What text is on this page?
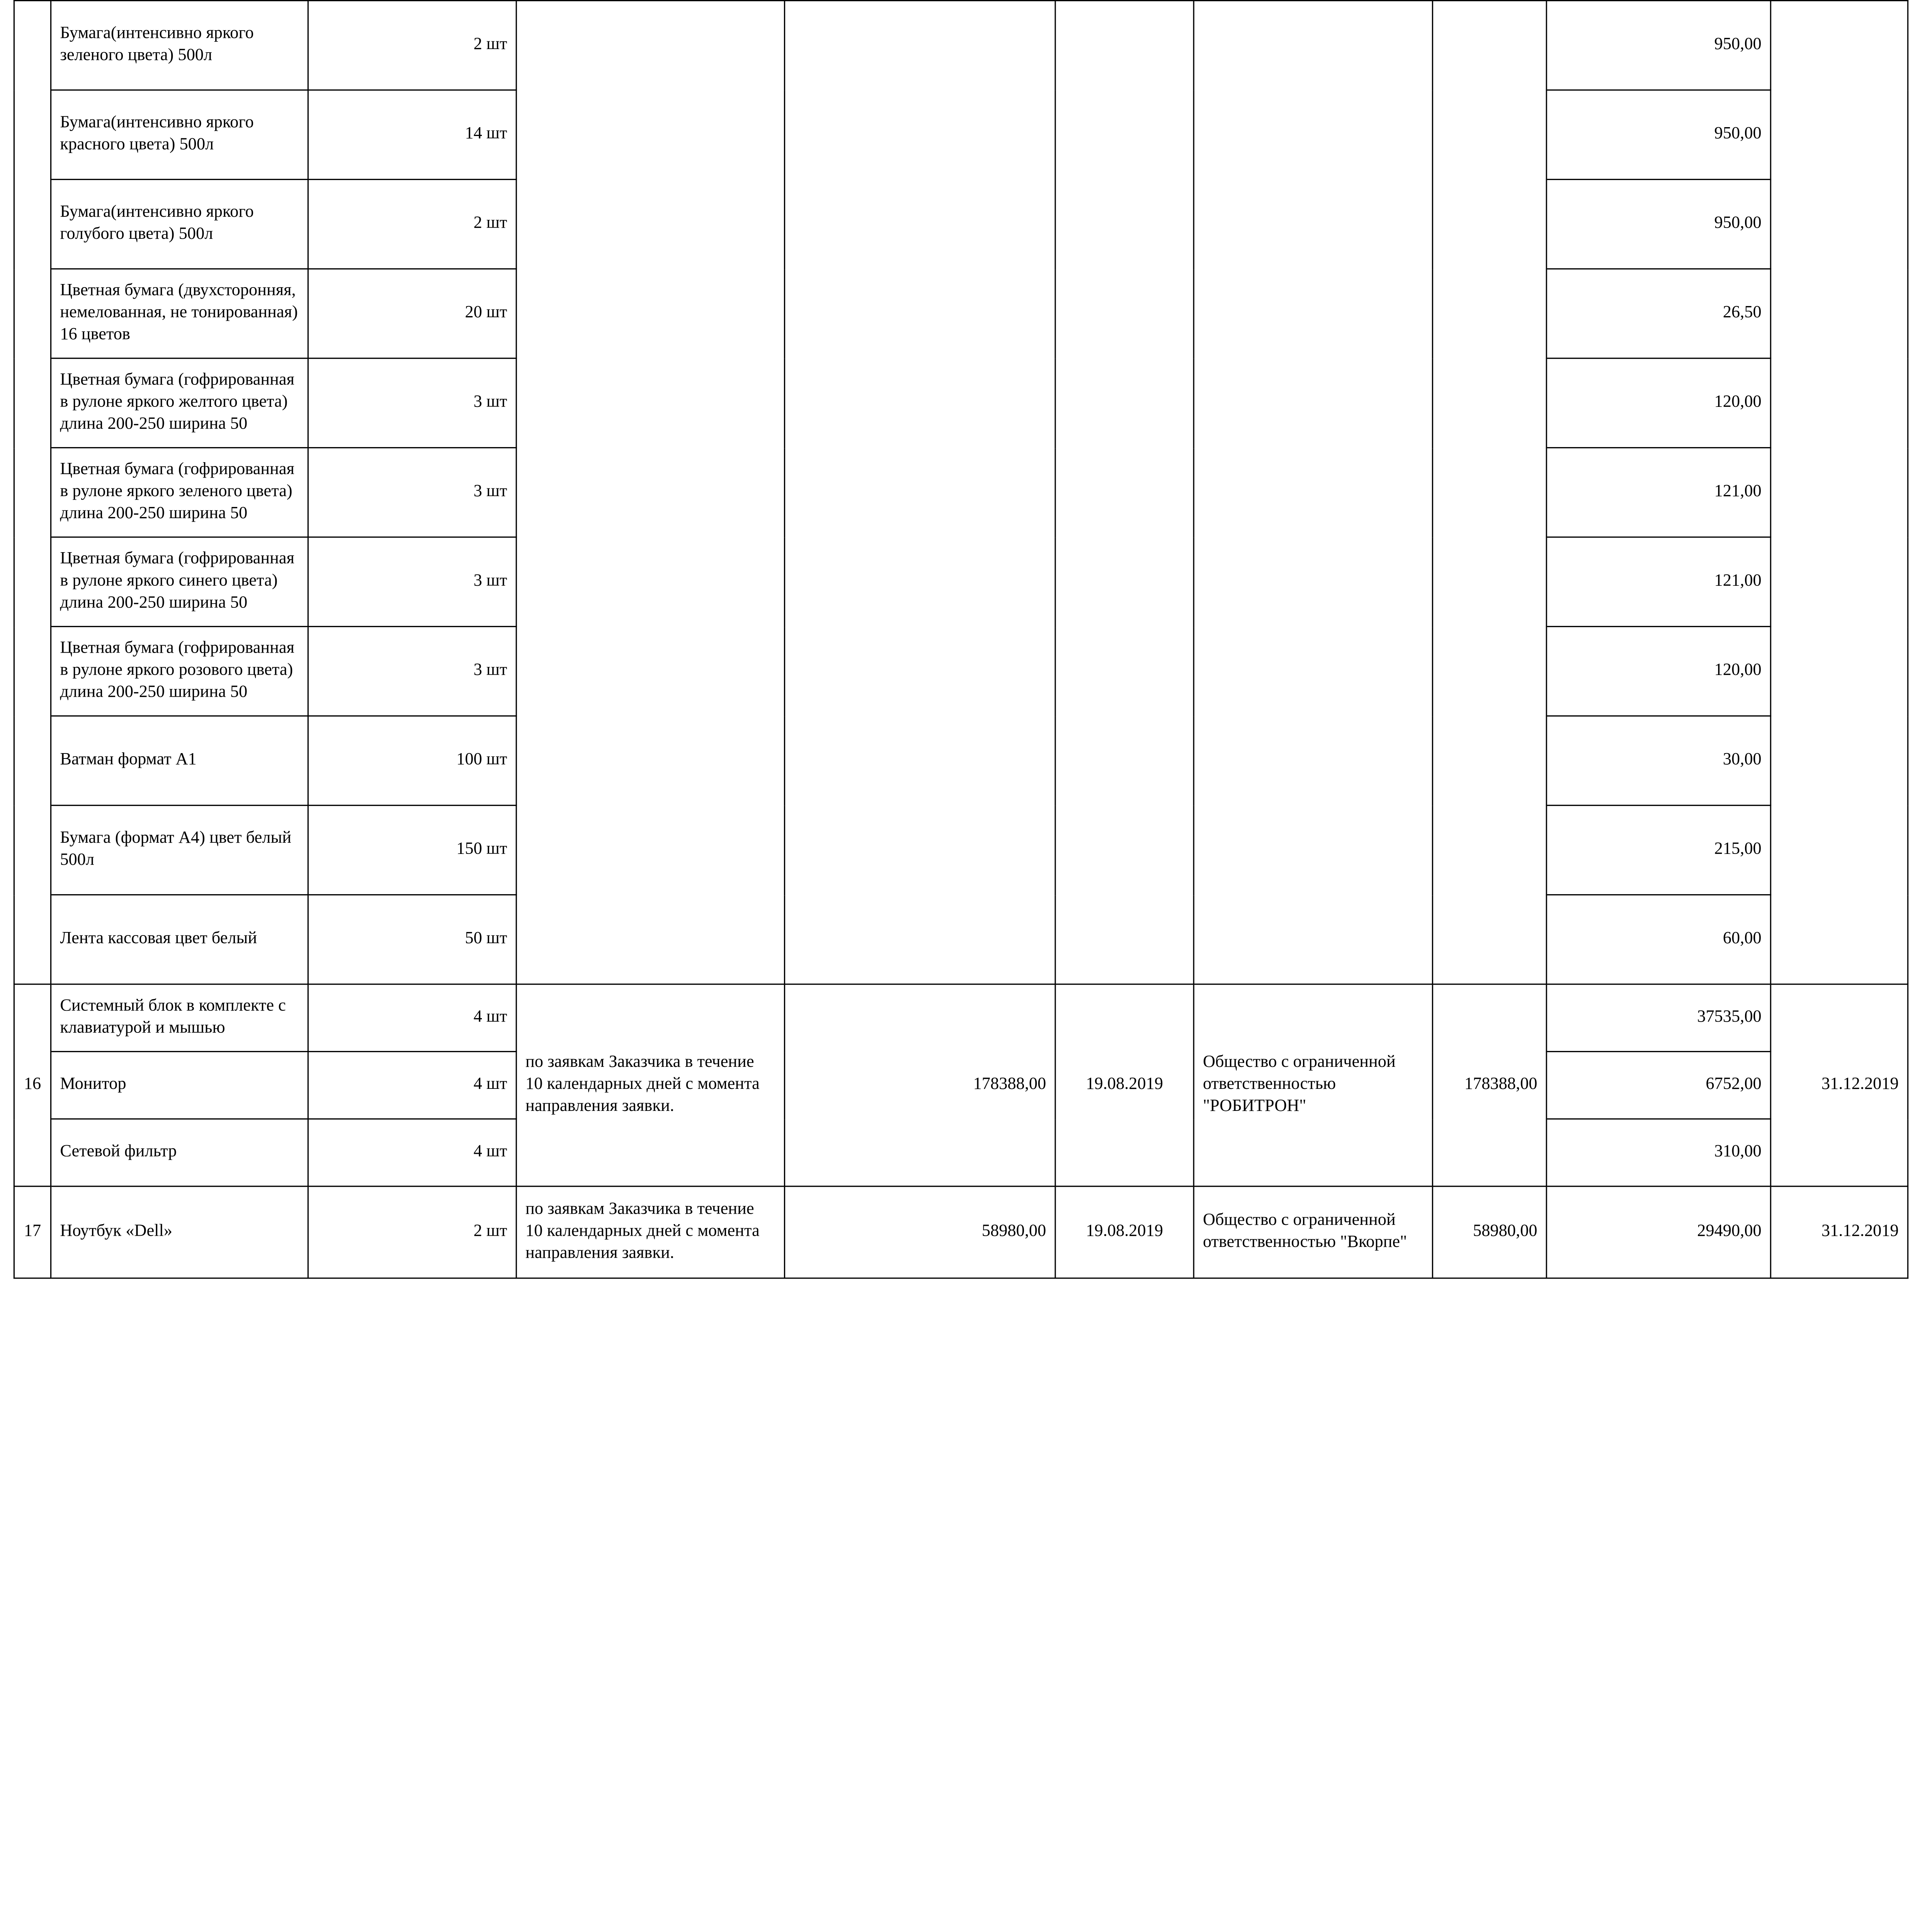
	Бумага(интенсивно яркого зеленого цвета) 500л	2 шт						950,00	
	Бумага(интенсивно яркого красного цвета) 500л	14 шт						950,00	
	Бумага(интенсивно яркого голубого цвета) 500л	2 шт						950,00	
	Цветная бумага (двухсторонняя, немелованная, не тонированная) 16 цветов	20 шт						26,50	
	Цветная бумага (гофрированная в рулоне яркого желтого цвета) длина 200-250 ширина 50	3 шт						120,00	
	Цветная бумага (гофрированная в рулоне яркого зеленого цвета) длина 200-250 ширина 50	3 шт						121,00	
	Цветная бумага (гофрированная в рулоне яркого синего цвета) длина 200-250 ширина 50	3 шт						121,00	
	Цветная бумага (гофрированная в рулоне яркого розового цвета) длина 200-250 ширина 50	3 шт						120,00	
	Ватман формат А1	100 шт						30,00	
	Бумага (формат А4) цвет белый 500л	150 шт						215,00	
	Лента кассовая цвет белый	50 шт						60,00	
16	Системный блок в комплекте с клавиатурой и мышью	4 шт	по заявкам Заказчика в течение 10 календарных дней с момента направления заявки.	178388,00	19.08.2019	Общество с ограниченной ответственностью "РОБИТРОН"	178388,00	37535,00	31.12.2019
	Монитор	4 шт						6752,00	
	Сетевой фильтр	4 шт						310,00	
17	Ноутбук «Dell»	2 шт	по заявкам Заказчика в течение 10 календарных дней с момента направления заявки.	58980,00	19.08.2019	Общество с ограниченной ответственностью "Вкорпе"	58980,00	29490,00	31.12.2019
